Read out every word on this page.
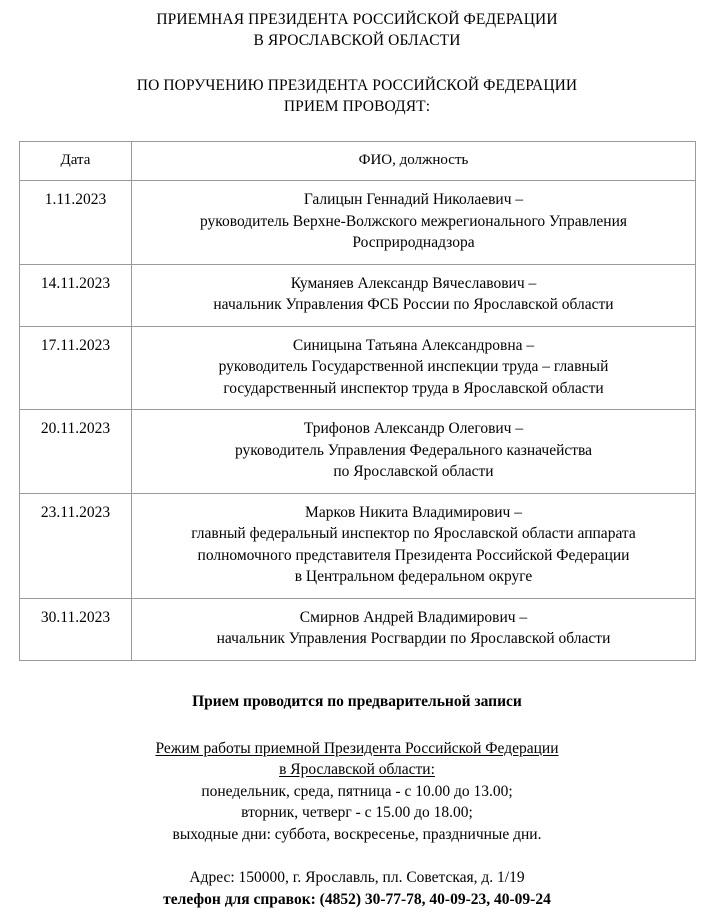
ПРИЕМНАЯ ПРЕЗИДЕНТА РОССИЙСКОЙ ФЕДЕРАЦИИ
В ЯРОСЛАВСКОЙ ОБЛАСТИ
ПО ПОРУЧЕНИЮ ПРЕЗИДЕНТА РОССИЙСКОЙ ФЕДЕРАЦИИ
ПРИЕМ ПРОВОДЯТ:
Дата	ФИО, должность
1.11.2023	Галицын Геннадий Николаевич –
руководитель Верхне-Волжского межрегионального Управления
Росприроднадзора

14.11.2023	Куманяев Александр Вячеславович –
начальник Управления ФСБ России по Ярославской области

17.11.2023	Синицына Татьяна Александровна –
руководитель Государственной инспекции труда – главный
государственный инспектор труда в Ярославской области

20.11.2023	Трифонов Александр Олегович –
руководитель Управления Федерального казначейства
по Ярославской области

23.11.2023	Марков Никита Владимирович –
главный федеральный инспектор по Ярославской области аппарата
полномочного представителя Президента Российской Федерации
в Центральном федеральном округе

30.11.2023	Смирнов Андрей Владимирович –
начальник Управления Росгвардии по Ярославской области
Прием проводится по предварительной записи
Режим работы приемной Президента Российской Федерации
в Ярославской области:
понедельник, среда, пятница - с 10.00 до 13.00;
вторник, четверг - с 15.00 до 18.00;
выходные дни: суббота, воскресенье, праздничные дни.
Адрес: 150000, г. Ярославль, пл. Советская, д. 1/19
телефон для справок: (4852) 30-77-78, 40-09-23, 40-09-24
